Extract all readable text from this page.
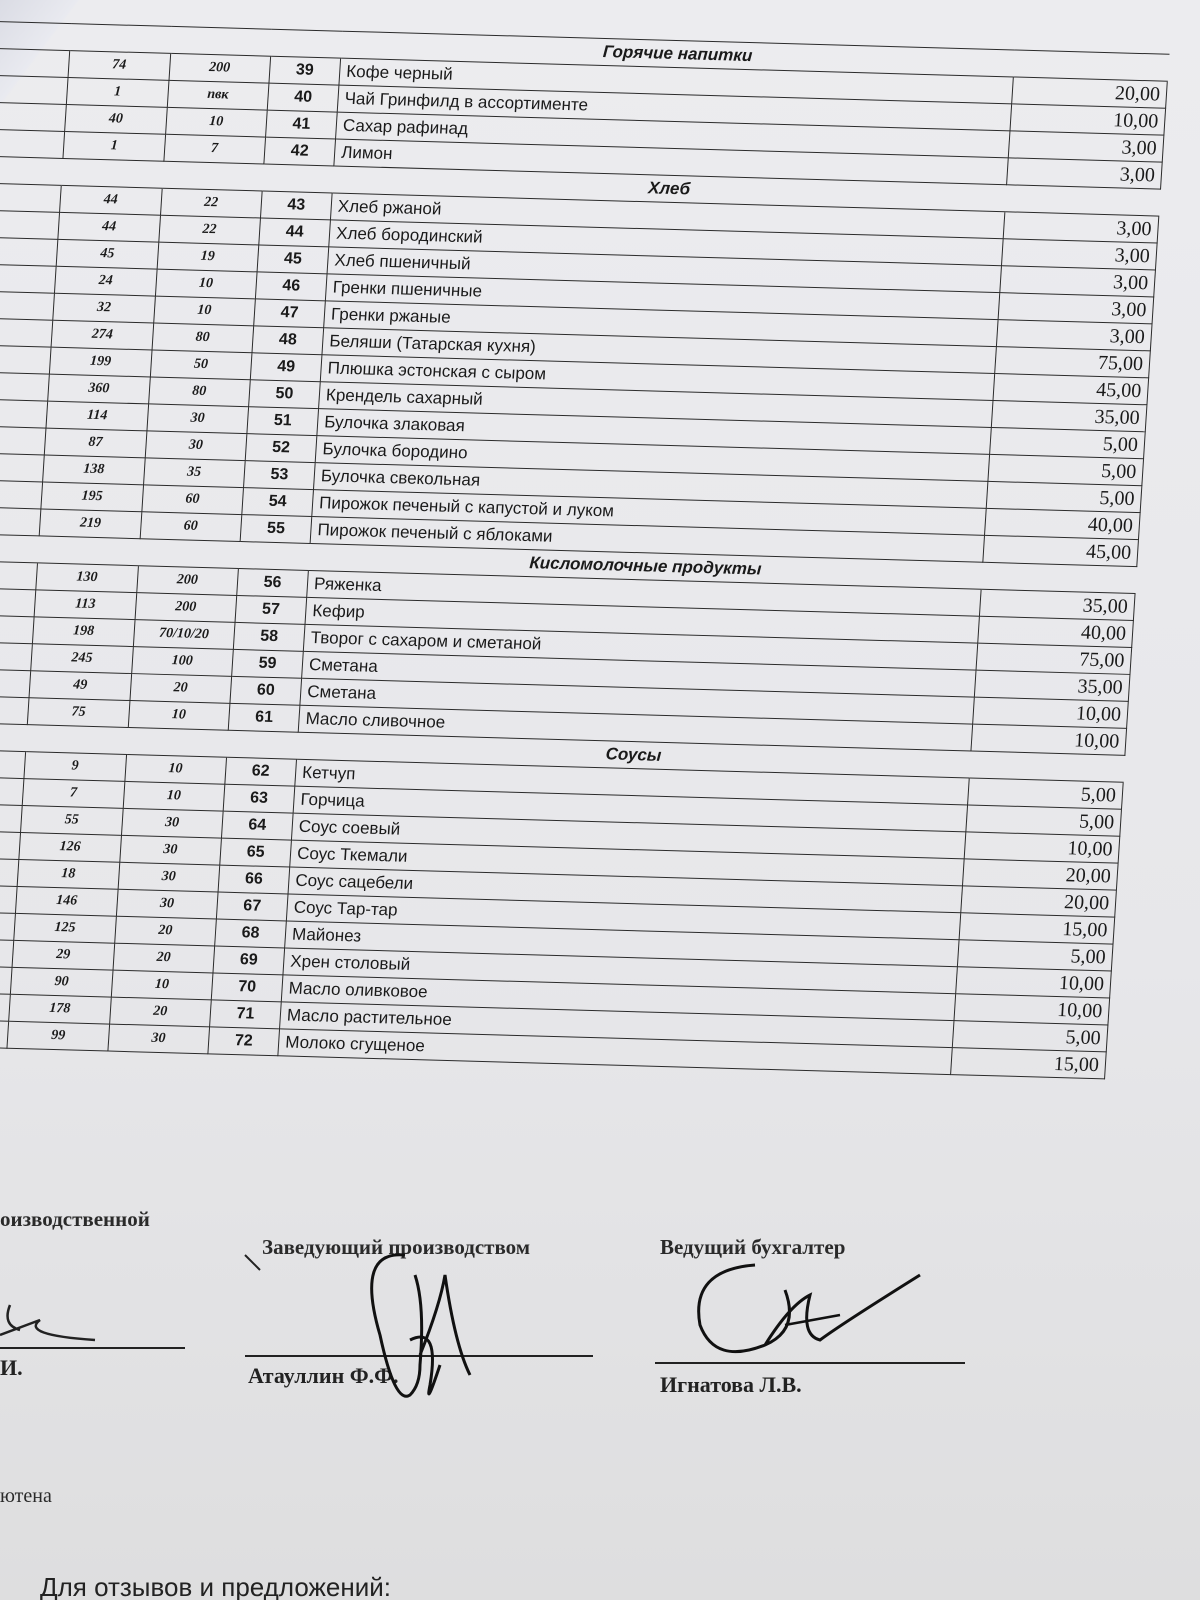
				Горячие напитки	
	74	200	39	Кофе черный	20,00
	1	пвк	40	Чай Гринфилд в ассортименте	10,00
	40	10	41	Сахар рафинад	3,00
	1	7	42	Лимон	3,00
				Хлеб	
	44	22	43	Хлеб ржаной	3,00
	44	22	44	Хлеб бородинский	3,00
	45	19	45	Хлеб пшеничный	3,00
	24	10	46	Гренки пшеничные	3,00
	32	10	47	Гренки ржаные	3,00
	274	80	48	Беляши (Татарская кухня)	75,00
	199	50	49	Плюшка эстонская с сыром	45,00
	360	80	50	Крендель сахарный	35,00
	114	30	51	Булочка злаковая	5,00
	87	30	52	Булочка бородино	5,00
	138	35	53	Булочка свекольная	5,00
	195	60	54	Пирожок печеный с капустой и луком	40,00
	219	60	55	Пирожок печеный с яблоками	45,00
				Кисломолочные продукты	
	130	200	56	Ряженка	35,00
	113	200	57	Кефир	40,00
	198	70/10/20	58	Творог с сахаром и сметаной	75,00
	245	100	59	Сметана	35,00
	49	20	60	Сметана	10,00
	75	10	61	Масло сливочное	10,00
				Соусы	
	9	10	62	Кетчуп	5,00
	7	10	63	Горчица	5,00
	55	30	64	Соус соевый	10,00
	126	30	65	Соус Ткемали	20,00
	18	30	66	Соус сацебели	20,00
	146	30	67	Соус Тар-тар	15,00
	125	20	68	Майонез	5,00
	29	20	69	Хрен столовый	10,00
	90	10	70	Масло оливковое	10,00
	178	20	71	Масло растительное	5,00
	99	30	72	Молоко сгущеное	15,00
оизводственной
И.
Заведующий производством
Атауллин Ф.Ф.
Ведущий бухгалтер
Игнатова Л.В.
ютена
Для отзывов и предложений:
